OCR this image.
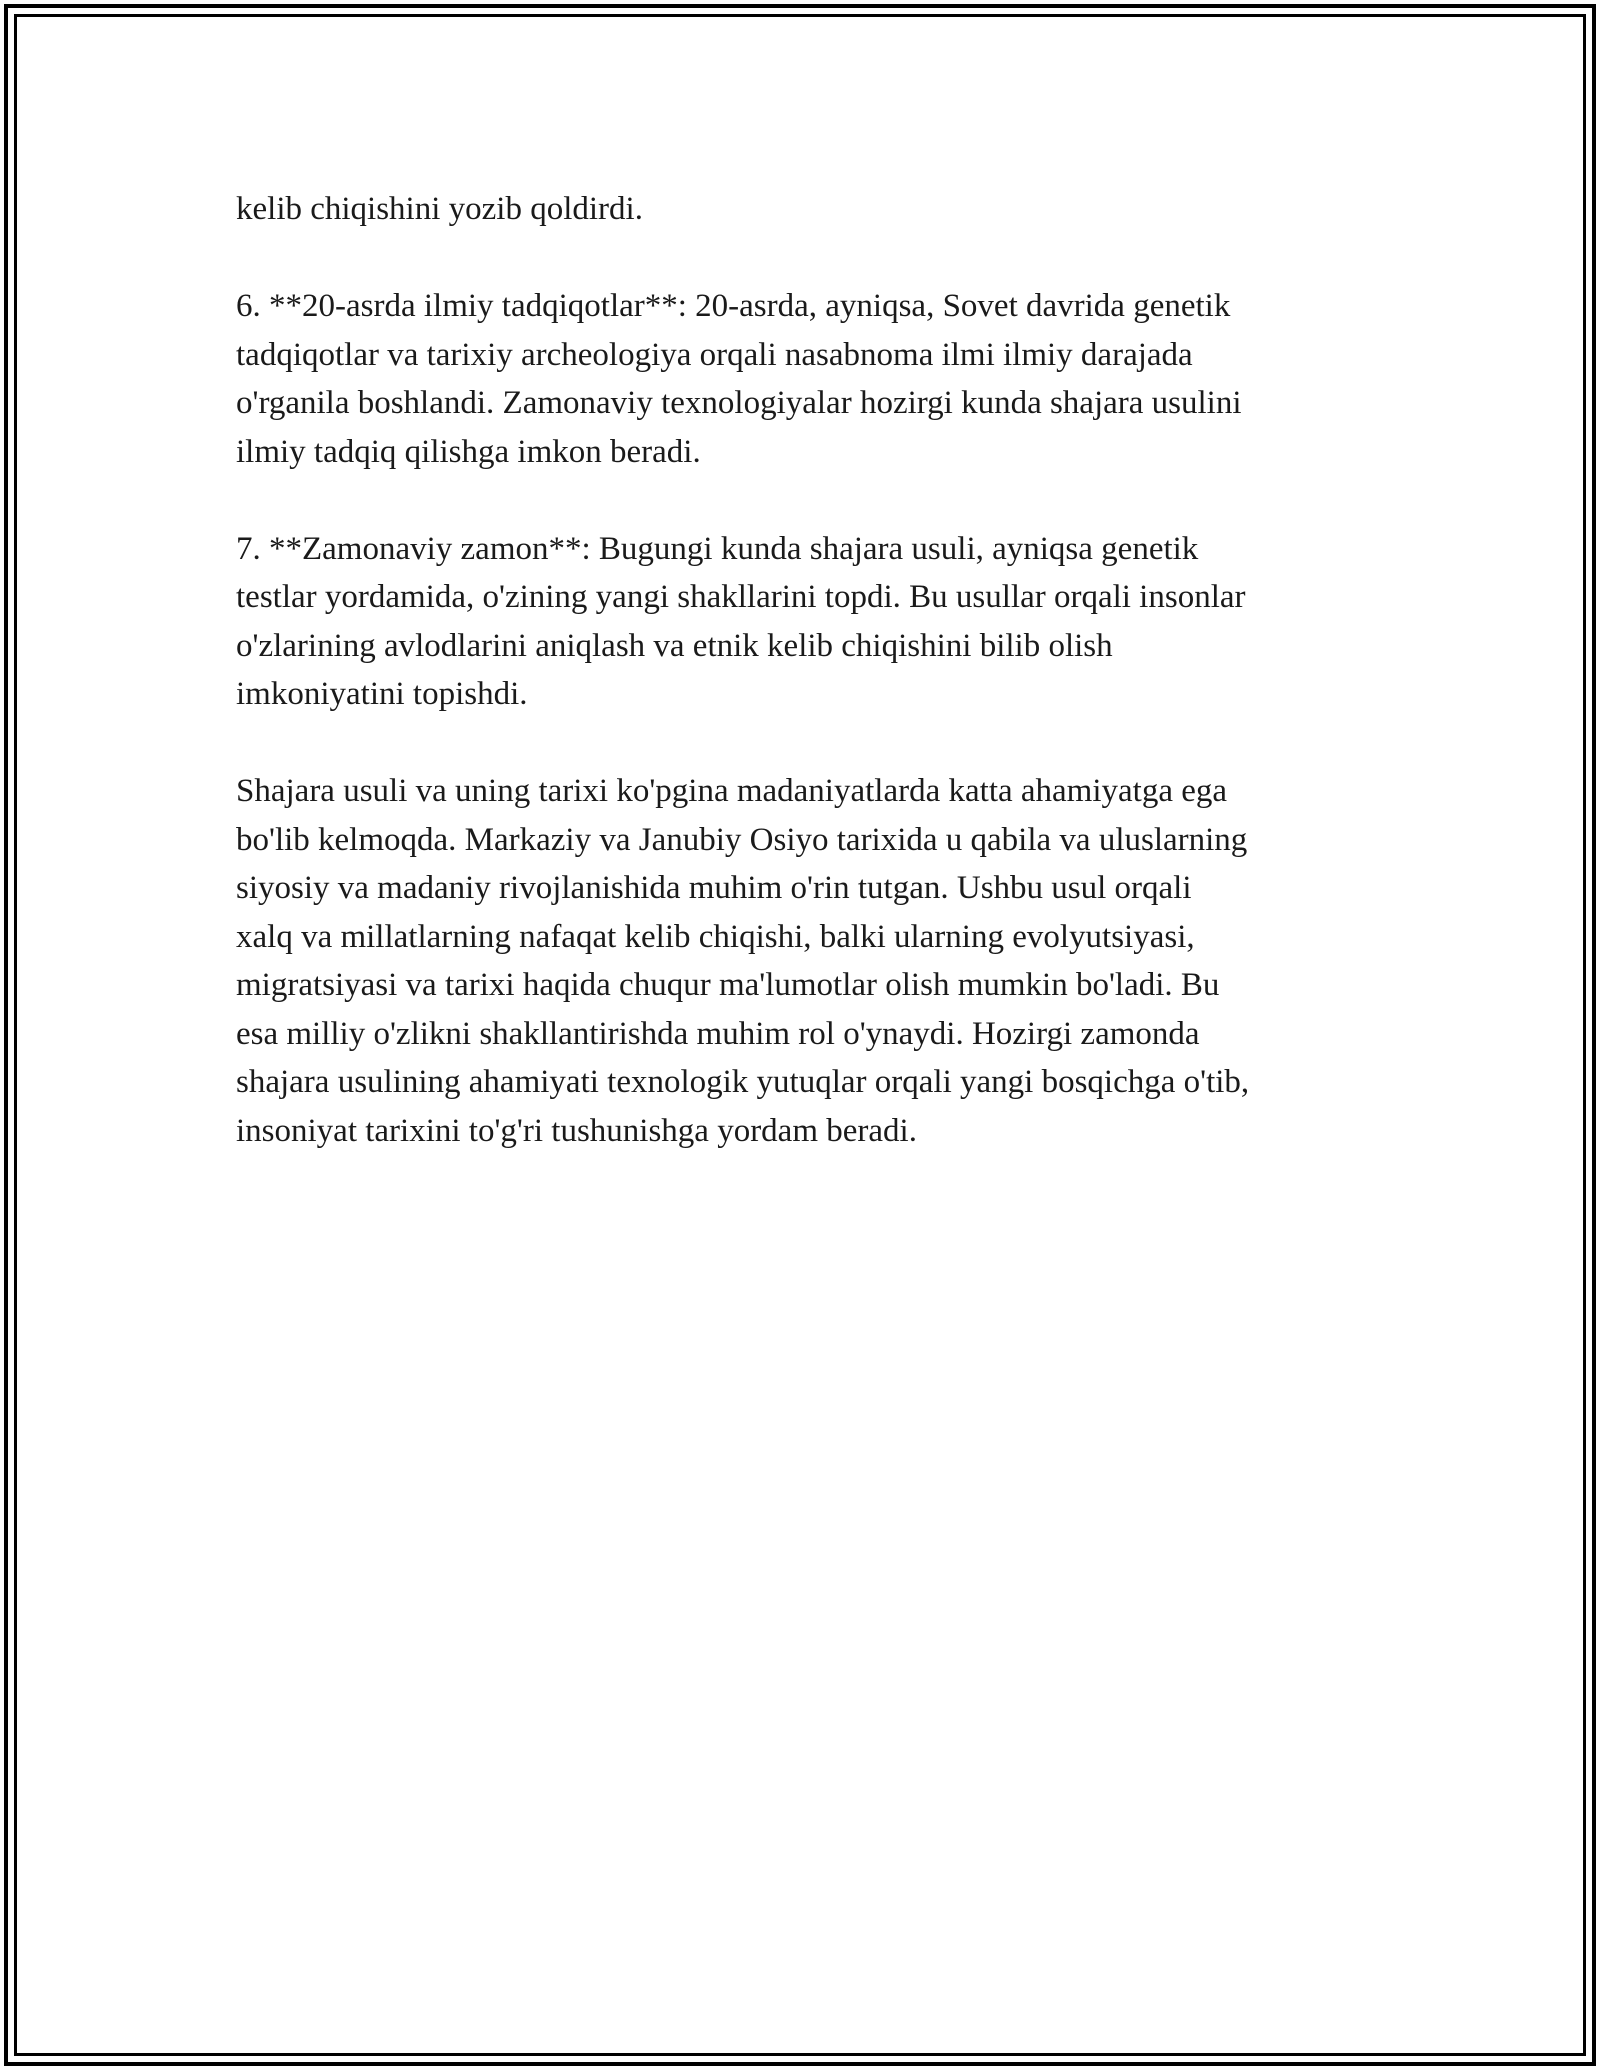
kelib chiqishini yozib qoldirdi.

6. **20-asrda ilmiy tadqiqotlar**: 20-asrda, ayniqsa, Sovet davrida genetik
tadqiqotlar va tarixiy archeologiya orqali nasabnoma ilmi ilmiy darajada
o'rganila boshlandi. Zamonaviy texnologiyalar hozirgi kunda shajara usulini
ilmiy tadqiq qilishga imkon beradi.

7. **Zamonaviy zamon**: Bugungi kunda shajara usuli, ayniqsa genetik
testlar yordamida, o'zining yangi shakllarini topdi. Bu usullar orqali insonlar
o'zlarining avlodlarini aniqlash va etnik kelib chiqishini bilib olish
imkoniyatini topishdi.

Shajara usuli va uning tarixi ko'pgina madaniyatlarda katta ahamiyatga ega
bo'lib kelmoqda. Markaziy va Janubiy Osiyo tarixida u qabila va uluslarning
siyosiy va madaniy rivojlanishida muhim o'rin tutgan. Ushbu usul orqali
xalq va millatlarning nafaqat kelib chiqishi, balki ularning evolyutsiyasi,
migratsiyasi va tarixi haqida chuqur ma'lumotlar olish mumkin bo'ladi. Bu
esa milliy o'zlikni shakllantirishda muhim rol o'ynaydi. Hozirgi zamonda
shajara usulining ahamiyati texnologik yutuqlar orqali yangi bosqichga o'tib,
insoniyat tarixini to'g'ri tushunishga yordam beradi.
